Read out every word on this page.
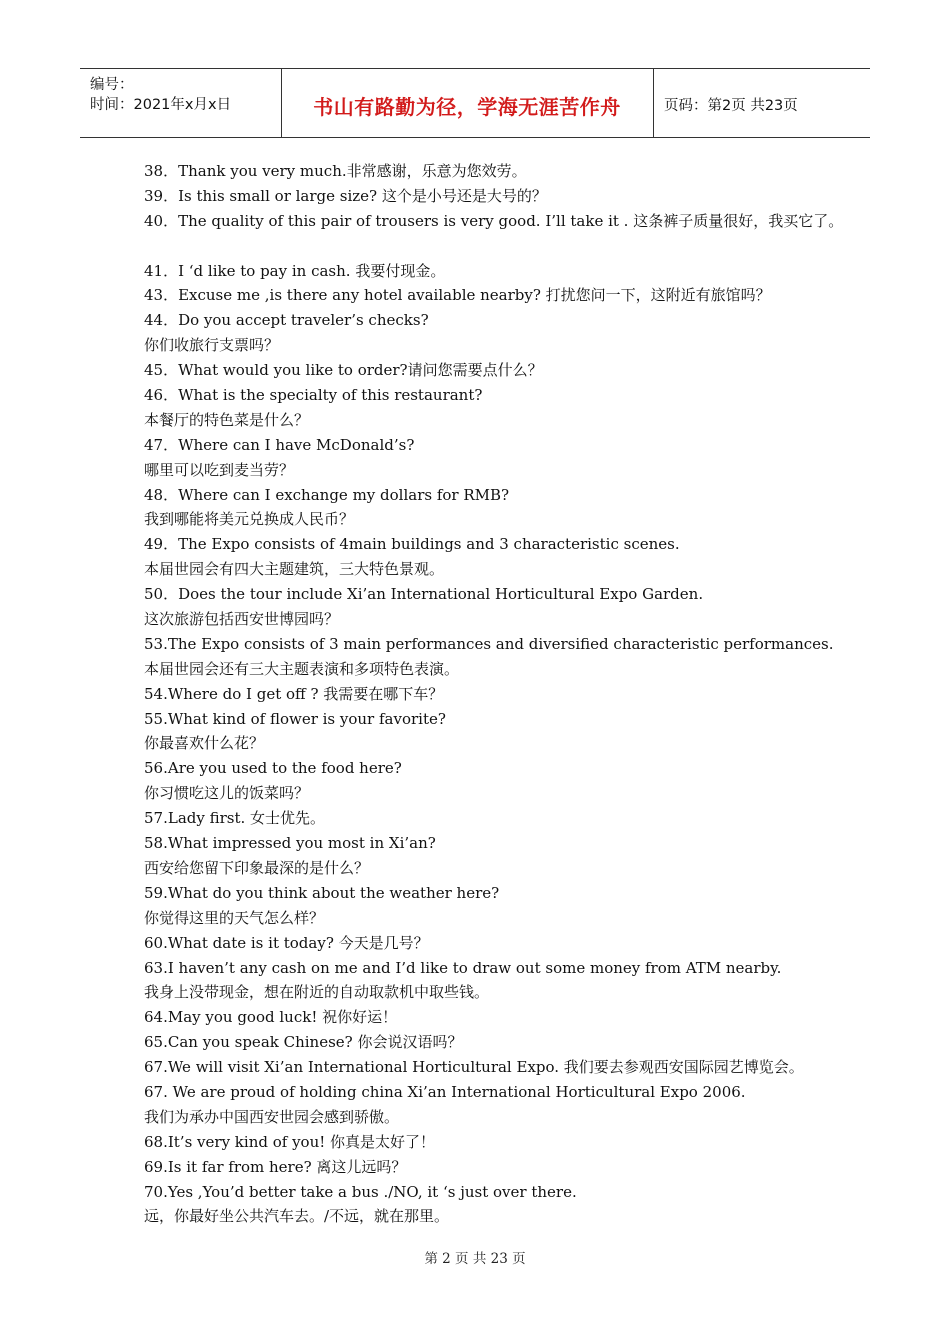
编号：
时间：2021年x月x日	书山有路勤为径，学海无涯苦作舟	页码：第2页 共23页
38．Thank you very much.非常感谢，乐意为您效劳。
39．Is this small or large size? 这个是小号还是大号的？
40．The quality of this pair of trousers is very good. I’ll take it . 这条裤子质量很好，我买它了。
41．I ‘d like to pay in cash. 我要付现金。
43．Excuse me ,is there any hotel available nearby? 打扰您问一下，这附近有旅馆吗？
44．Do you accept traveler’s checks?
你们收旅行支票吗？
45．What would you like to order?请问您需要点什么？
46．What is the specialty of this restaurant?
本餐厅的特色菜是什么？
47．Where can I have McDonald’s?
哪里可以吃到麦当劳？
48．Where can I exchange my dollars for RMB?
我到哪能将美元兑换成人民币？
49．The Expo consists of 4main buildings and 3 characteristic scenes.
本届世园会有四大主题建筑，三大特色景观。
50．Does the tour include Xi’an International Horticultural Expo Garden.
这次旅游包括西安世博园吗？
53.The Expo consists of 3 main performances and diversified characteristic performances.
本届世园会还有三大主题表演和多项特色表演。
54.Where do I get off ? 我需要在哪下车？
55.What kind of flower is your favorite?
你最喜欢什么花？
56.Are you used to the food here?
你习惯吃这儿的饭菜吗？
57.Lady first. 女士优先。
58.What impressed you most in Xi’an?
西安给您留下印象最深的是什么？
59.What do you think about the weather here?
你觉得这里的天气怎么样？
60.What date is it today? 今天是几号？
63.I haven’t any cash on me and I’d like to draw out some money from ATM nearby.
我身上没带现金，想在附近的自动取款机中取些钱。
64.May you good luck! 祝你好运！
65.Can you speak Chinese? 你会说汉语吗？
67.We will visit Xi’an International Horticultural Expo. 我们要去参观西安国际园艺博览会。
67. We are proud of holding china Xi’an International Horticultural Expo 2006.
我们为承办中国西安世园会感到骄傲。
68.It’s very kind of you! 你真是太好了！
69.Is it far from here? 离这儿远吗？
70.Yes ,You’d better take a bus ./NO, it ‘s just over there.
远，你最好坐公共汽车去。/不远，就在那里。
第 2 页 共 23 页
